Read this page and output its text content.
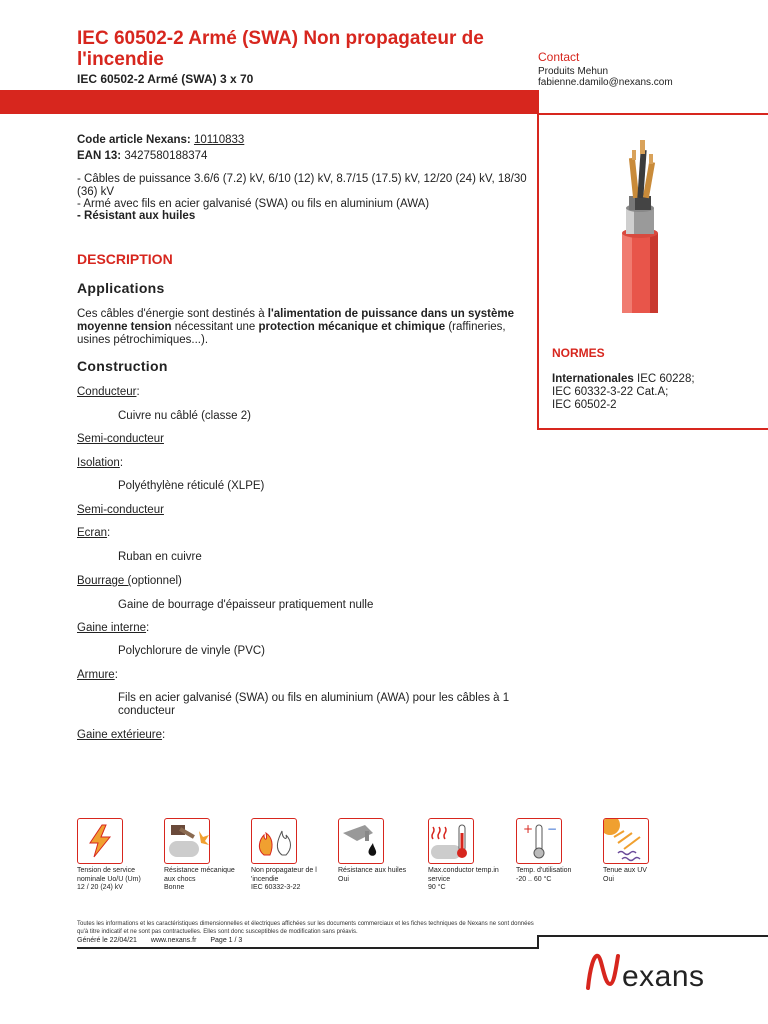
IEC 60502-2 Armé (SWA) Non propagateur de l'incendie
IEC 60502-2 Armé (SWA) 3 x 70
Contact
Produits Mehun
fabienne.damilo@nexans.com
Code article Nexans: 10110833
EAN 13: 3427580188374
- Câbles de puissance 3.6/6 (7.2) kV, 6/10 (12) kV, 8.7/15 (17.5) kV, 12/20 (24) kV, 18/30 (36) kV
- Armé avec fils en acier galvanisé (SWA) ou fils en aluminium (AWA)
- Résistant aux huiles
DESCRIPTION
Applications
Ces câbles d'énergie sont destinés à l'alimentation de puissance dans un système moyenne tension nécessitant une protection mécanique et chimique (raffineries, usines pétrochimiques...).
Construction
Conducteur:
Cuivre nu câblé (classe 2)
Semi-conducteur
Isolation:
Polyéthylène réticulé (XLPE)
Semi-conducteur
Ecran:
Ruban en cuivre
Bourrage (optionnel)
Gaine de bourrage d'épaisseur pratiquement nulle
Gaine interne:
Polychlorure de vinyle (PVC)
Armure:
Fils en acier galvanisé (SWA) ou fils en aluminium (AWA) pour les câbles à 1 conducteur
Gaine extérieure:
NORMES
Internationales IEC 60228;
IEC 60332-3-22 Cat.A;
IEC 60502-2
+ −
Tension de service
nominale Uo/U (Um)
12 / 20 (24) kV
Résistance mécanique
aux chocs
Bonne
Non propagateur de l
'incendie
IEC 60332-3-22
Résistance aux huiles
Oui
Max.conductor temp.in
service
90 °C
Temp. d'utilisation
-20 .. 60 °C
Tenue aux UV
Oui
Toutes les informations et les caractéristiques dimensionnelles et électriques affichées sur les documents commerciaux et les fiches techniques de Nexans ne sont données qu'à titre indicatif et ne sont pas contractuelles. Elles sont donc susceptibles de modification sans préavis.
Généré le 22/04/21 www.nexans.fr Page 1 / 3
exans
